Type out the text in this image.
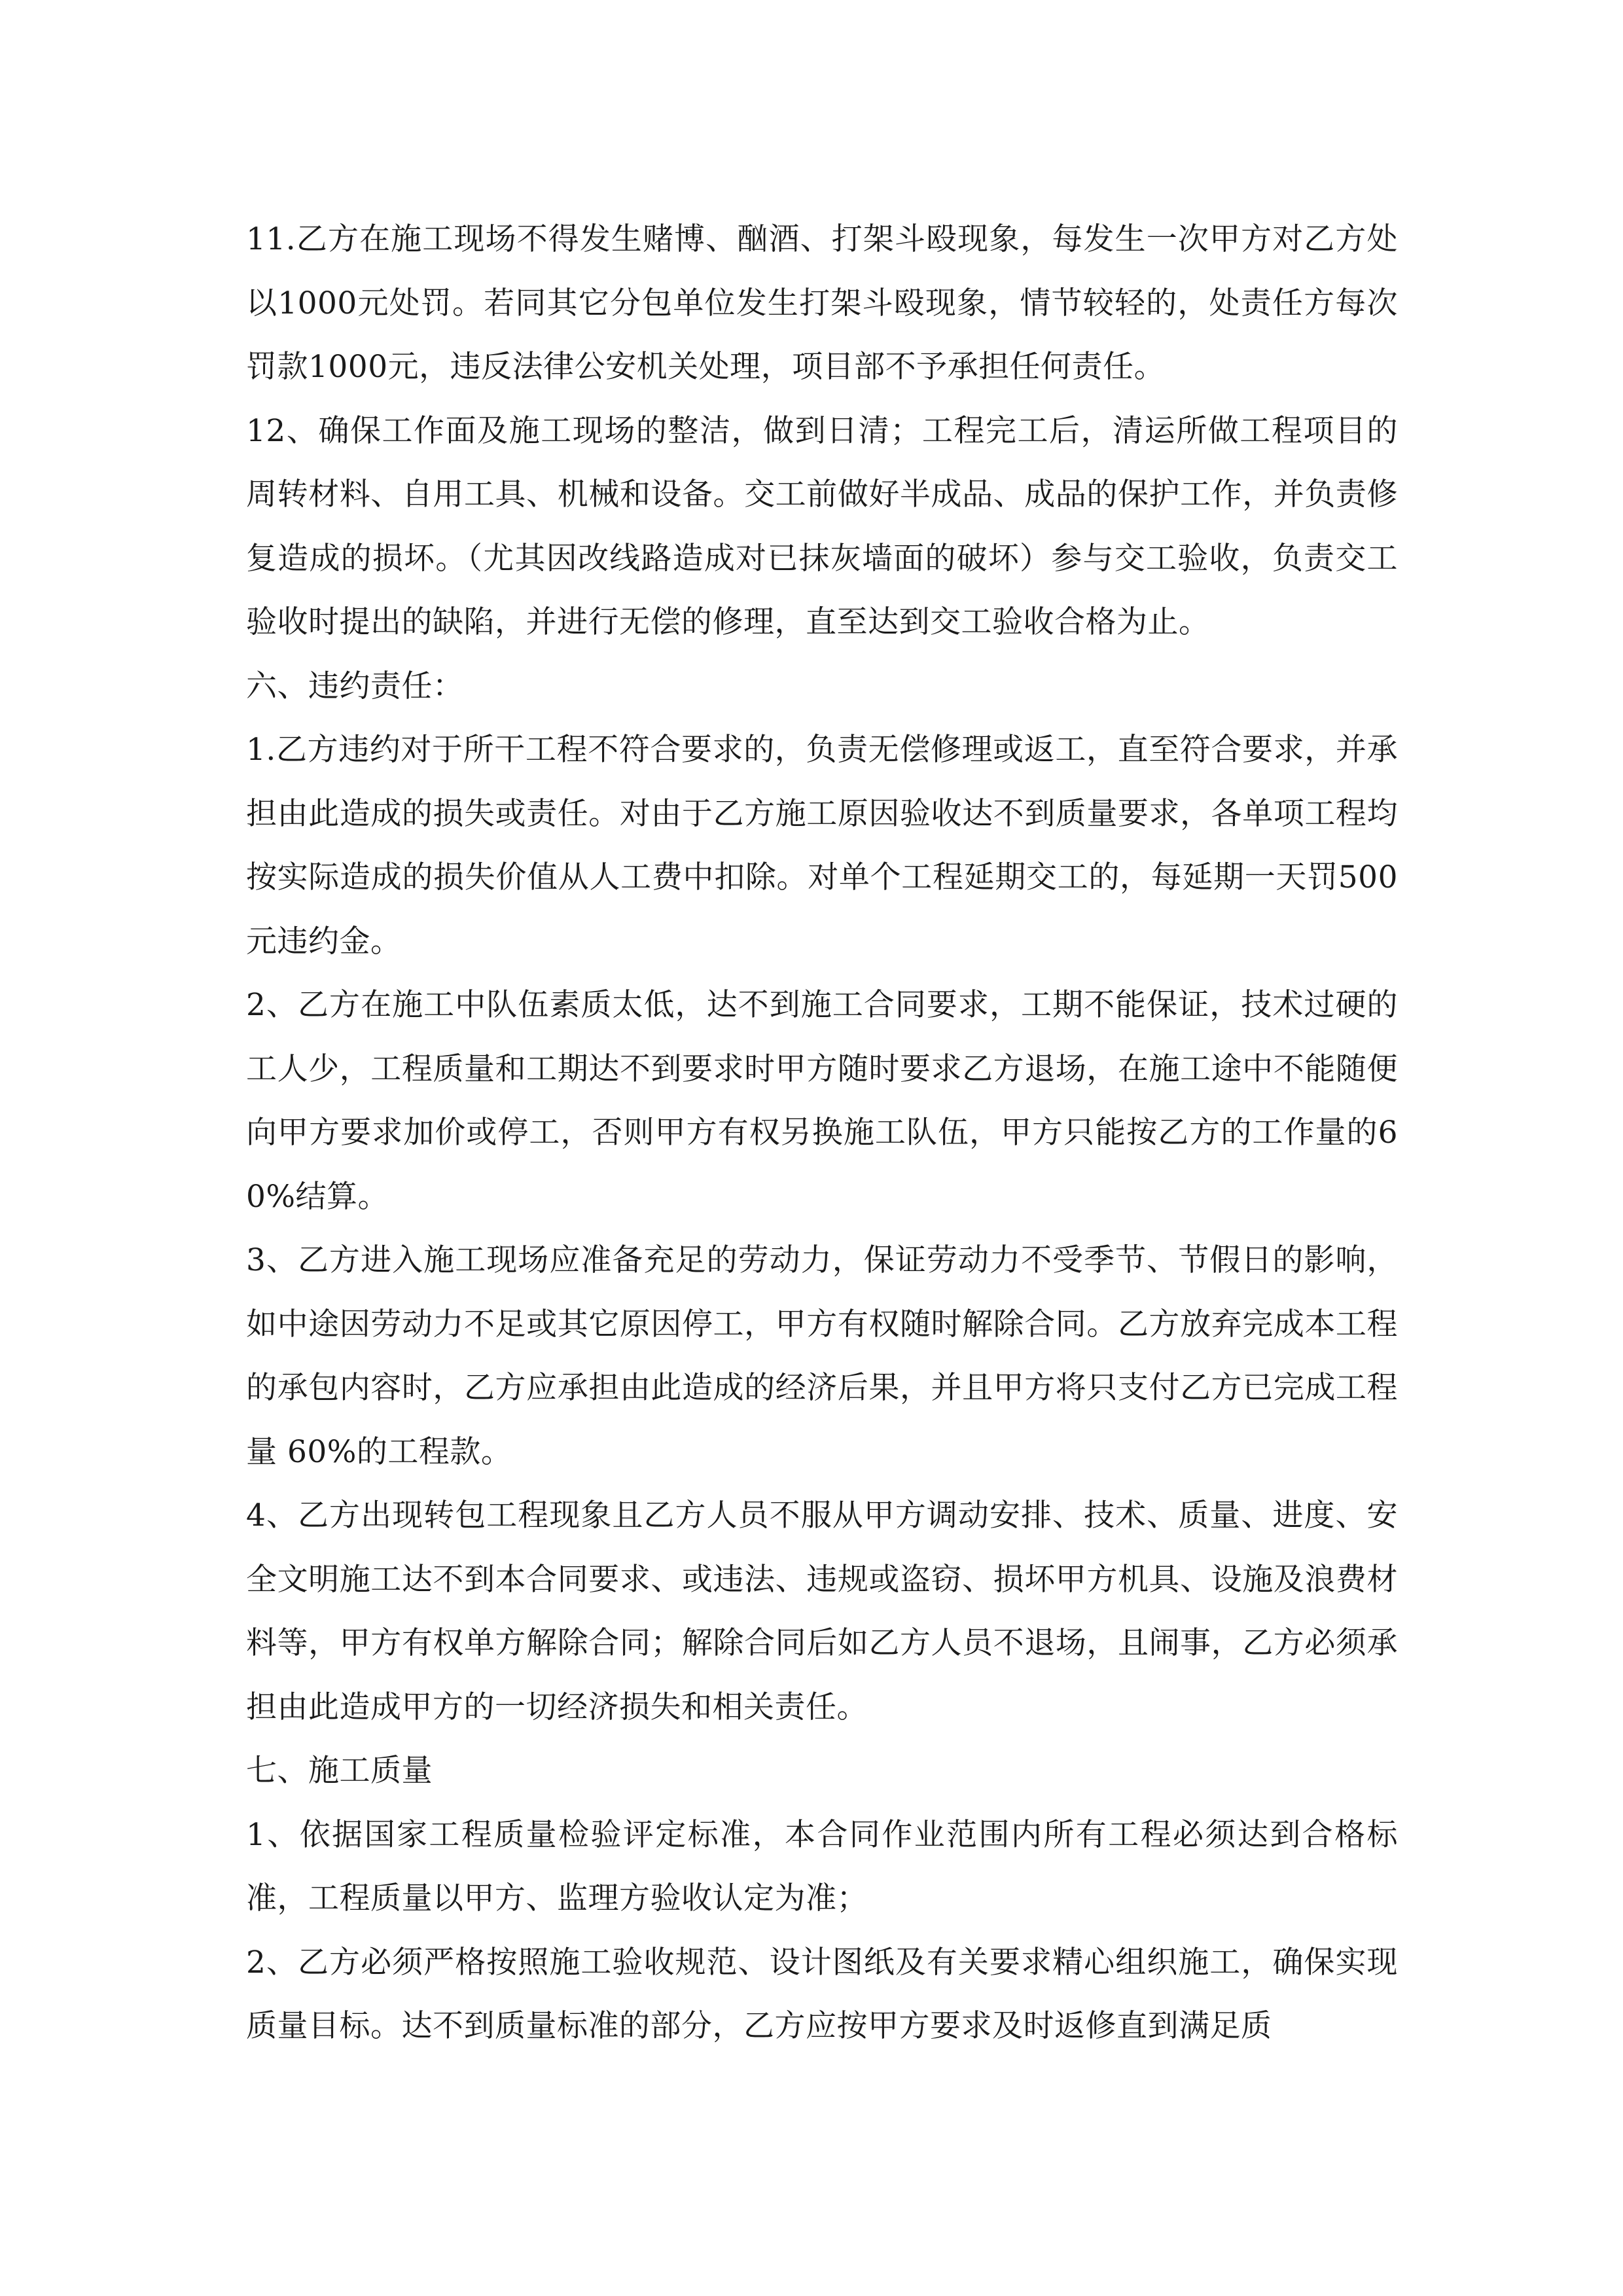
11.乙方在施工现场不得发生赌博、酗酒、打架斗殴现象，每发生一次甲方对乙方处以1000元处罚。若同其它分包单位发生打架斗殴现象，情节较轻的，处责任方每次罚款1000元，违反法律公安机关处理，项目部不予承担任何责任。

12、确保工作面及施工现场的整洁，做到日清；工程完工后，清运所做工程项目的周转材料、自用工具、机械和设备。交工前做好半成品、成品的保护工作，并负责修复造成的损坏。（尤其因改线路造成对已抹灰墙面的破坏）参与交工验收，负责交工验收时提出的缺陷，并进行无偿的修理，直至达到交工验收合格为止。

六、违约责任：

1.乙方违约对于所干工程不符合要求的，负责无偿修理或返工，直至符合要求，并承担由此造成的损失或责任。对由于乙方施工原因验收达不到质量要求，各单项工程均按实际造成的损失价值从人工费中扣除。对单个工程延期交工的，每延期一天罚500元违约金。

2、乙方在施工中队伍素质太低，达不到施工合同要求，工期不能保证，技术过硬的工人少，工程质量和工期达不到要求时甲方随时要求乙方退场，在施工途中不能随便向甲方要求加价或停工，否则甲方有权另换施工队伍，甲方只能按乙方的工作量的60%结算。

3、乙方进入施工现场应准备充足的劳动力，保证劳动力不受季节、节假日的影响，如中途因劳动力不足或其它原因停工，甲方有权随时解除合同。乙方放弃完成本工程的承包内容时，乙方应承担由此造成的经济后果，并且甲方将只支付乙方已完成工程量 60%的工程款。

4、乙方出现转包工程现象且乙方人员不服从甲方调动安排、技术、质量、进度、安全文明施工达不到本合同要求、或违法、违规或盗窃、损坏甲方机具、设施及浪费材料等，甲方有权单方解除合同；解除合同后如乙方人员不退场，且闹事，乙方必须承担由此造成甲方的一切经济损失和相关责任。

七、施工质量

1、依据国家工程质量检验评定标准，本合同作业范围内所有工程必须达到合格标准，工程质量以甲方、监理方验收认定为准；

2、乙方必须严格按照施工验收规范、设计图纸及有关要求精心组织施工，确保实现质量目标。达不到质量标准的部分，乙方应按甲方要求及时返修直到满足质
